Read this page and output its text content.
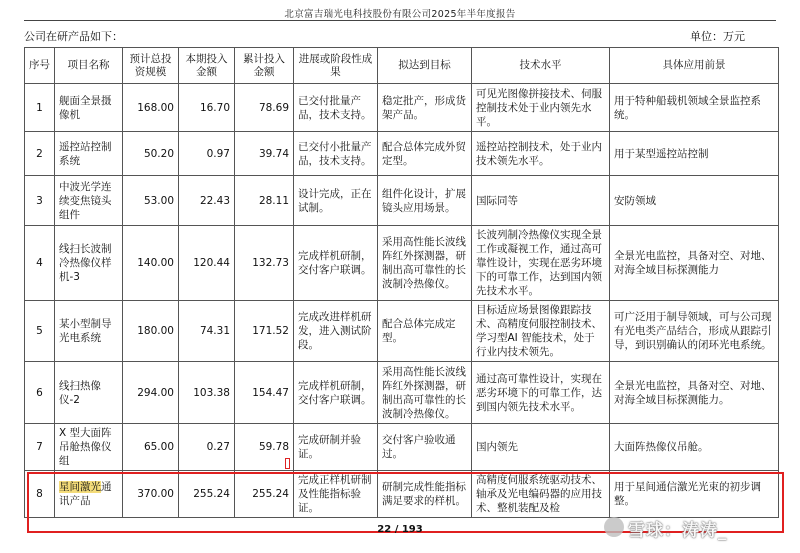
北京富吉瑞光电科技股份有限公司2025年半年度报告
公司在研产品如下：	单位：万元
序号	项目名称	预计总投资规模	本期投入金额	累计投入金额	进展或阶段性成果	拟达到目标	技术水平	具体应用前景
1	舰面全景摄像机	168.00	16.70	78.69	已交付批量产品，技术支持。	稳定批产，形成货架产品。	可见光图像拼接技术、伺服控制技术处于业内领先水平。	用于特种船载机领域全景监控系统。
2	遥控站控制系统	50.20	0.97	39.74	已交付小批量产品，技术支持。	配合总体完成外贸定型。	遥控站控制技术，处于业内技术领先水平。	用于某型遥控站控制
3	中波光学连续变焦镜头组件	53.00	22.43	28.11	设计完成，正在试制。	组件化设计，扩展镜头应用场景。	国际同等	安防领域
4	线扫长波制冷热像仪样机-3	140.00	120.44	132.73	完成样机研制，交付客户联调。	采用高性能长波线阵红外探测器，研制出高可靠性的长波制冷热像仪。	长波列制冷热像仪实现全景工作或凝视工作，通过高可靠性设计，实现在恶劣环境下的可靠工作，达到国内领先技术水平。	全景光电监控，具备对空、对地、对海全域目标探测能力
5	某小型制导光电系统	180.00	74.31	171.52	完成改进样机研发，进入测试阶段。	配合总体完成定型。	目标适应场景图像跟踪技术、高精度伺服控制技术、学习型AI 智能技术，处于行业内技术领先。	可广泛用于制导领域，可与公司现有光电类产品结合，形成从跟踪引导，到识别确认的闭环光电系统。
6	线扫热像仪-2	294.00	103.38	154.47	完成样机研制，交付客户联调。	采用高性能长波线阵红外探测器，研制出高可靠性的长波制冷热像仪。	通过高可靠性设计，实现在恶劣环境下的可靠工作，达到国内领先技术水平。	全景光电监控，具备对空、对地、对海全域目标探测能力。
7	X 型大面阵吊舱热像仪组	65.00	0.27	59.78	完成研制并验证。	交付客户验收通过。	国内领先	大面阵热像仪吊舱。
8	星间激光通讯产品	370.00	255.24	255.24	完成正样机研制及性能指标验证。	研制完成性能指标满足要求的样机。	高精度伺服系统驱动技术、轴承及光电编码器的应用技术、整机装配及检	用于星间通信激光光束的初步调整。
22 / 193	雪球：涛涛_
